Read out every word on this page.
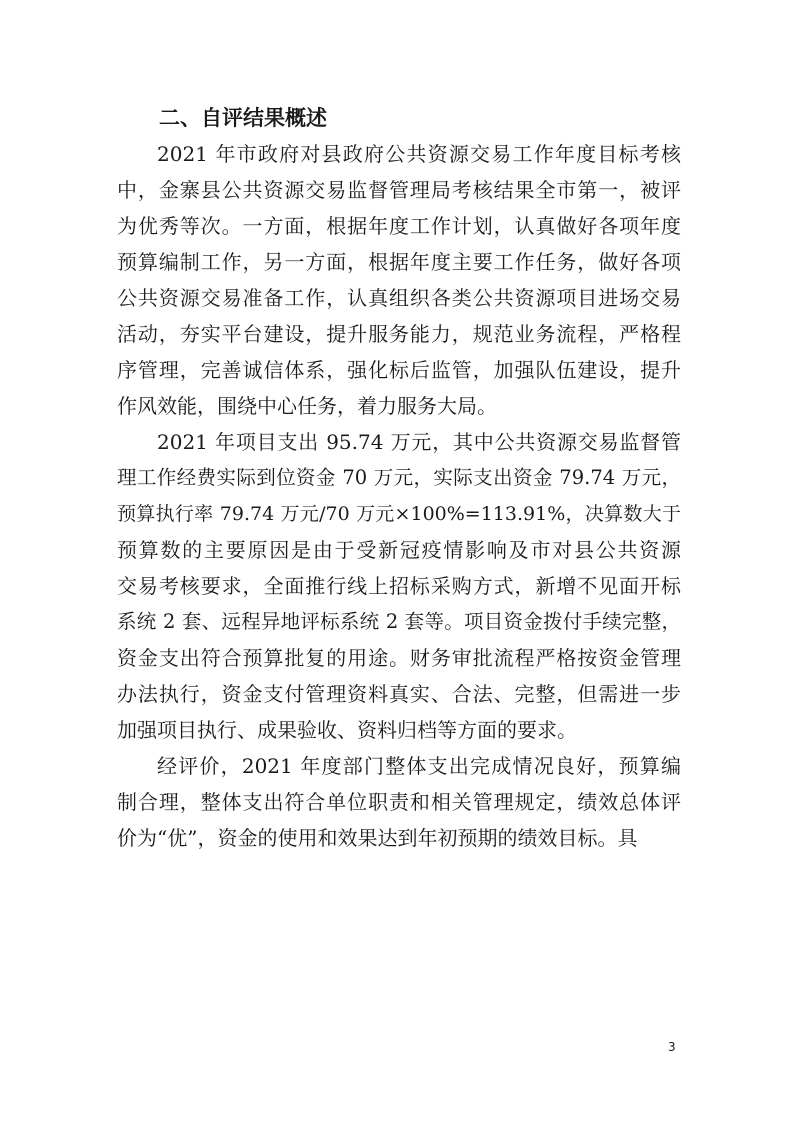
二、自评结果概述
2021 年市政府对县政府公共资源交易工作年度目标考核
中，金寨县公共资源交易监督管理局考核结果全市第一，被评
为优秀等次。一方面，根据年度工作计划，认真做好各项年度
预算编制工作，另一方面，根据年度主要工作任务，做好各项
公共资源交易准备工作，认真组织各类公共资源项目进场交易
活动，夯实平台建设，提升服务能力，规范业务流程，严格程
序管理，完善诚信体系，强化标后监管，加强队伍建设，提升
作风效能，围绕中心任务，着力服务大局。
2021 年项目支出 95.74 万元，其中公共资源交易监督管
理工作经费实际到位资金 70 万元，实际支出资金 79.74 万元，
预算执行率 79.74 万元/70 万元×100%=113.91%，决算数大于
预算数的主要原因是由于受新冠疫情影响及市对县公共资源
交易考核要求，全面推行线上招标采购方式，新增不见面开标
系统 2 套、远程异地评标系统 2 套等。项目资金拨付手续完整，
资金支出符合预算批复的用途。财务审批流程严格按资金管理
办法执行，资金支付管理资料真实、合法、完整，但需进一步
加强项目执行、成果验收、资料归档等方面的要求。
经评价，2021 年度部门整体支出完成情况良好，预算编
制合理，整体支出符合单位职责和相关管理规定，绩效总体评
价为“优”，资金的使用和效果达到年初预期的绩效目标。具
3
